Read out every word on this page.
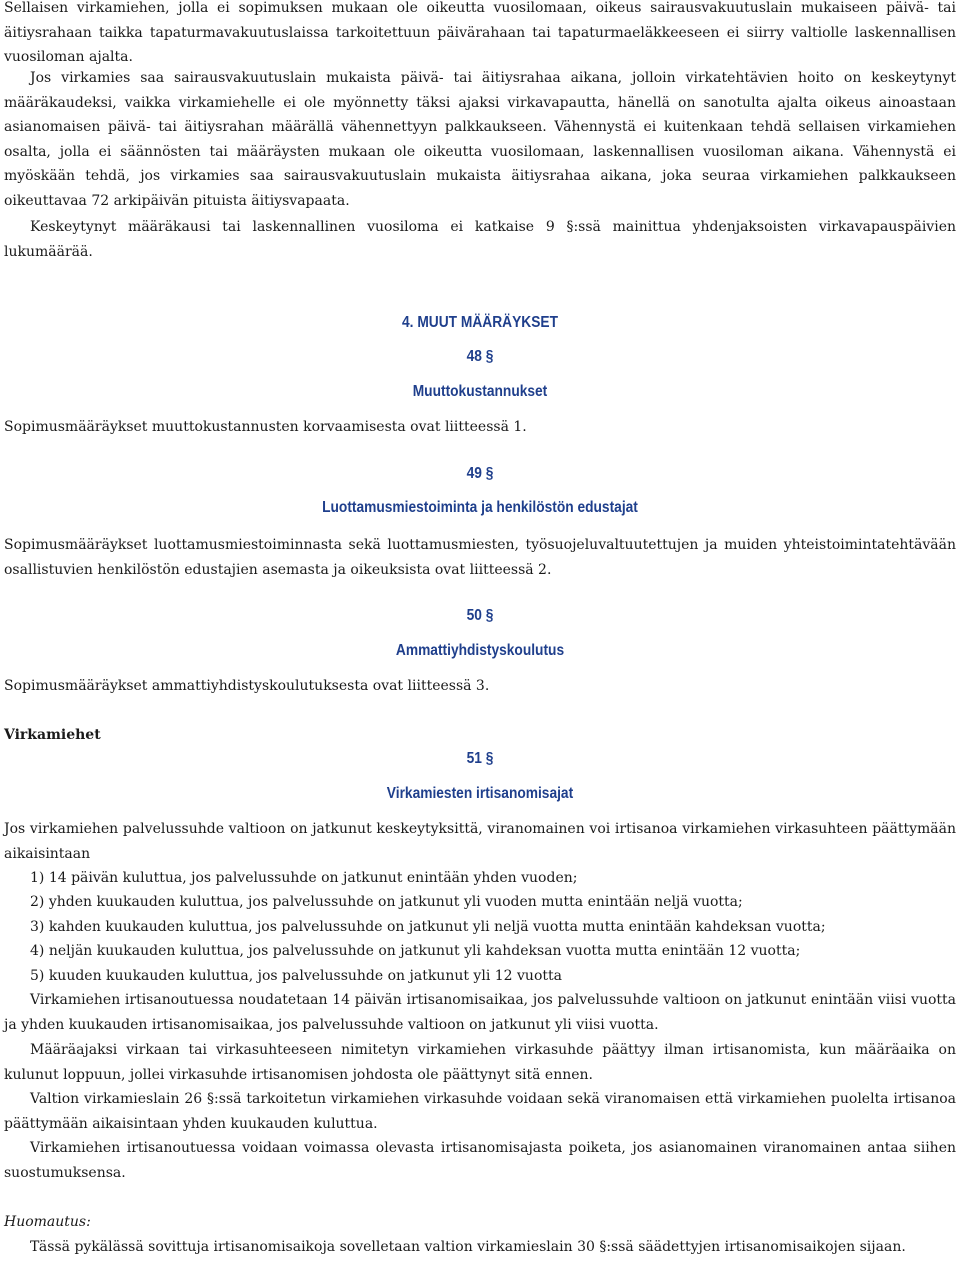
Sellaisen virkamiehen, jolla ei sopimuksen mukaan ole oikeutta vuosilomaan, oikeus sairausvakuutuslain mukaiseen päivä- tai äitiysrahaan taikka tapaturmavakuutuslaissa tarkoitettuun päivärahaan tai tapaturmaeläkkeeseen ei siirry valtiolle laskennallisen vuosiloman ajalta.

Jos virkamies saa sairausvakuutuslain mukaista päivä- tai äitiysrahaa aikana, jolloin virkatehtävien hoito on keskeytynyt määräkaudeksi, vaikka virkamiehelle ei ole myönnetty täksi ajaksi virkavapautta, hänellä on sanotulta ajalta oikeus ainoastaan asianomaisen päivä- tai äitiysrahan määrällä vähennettyyn palkkaukseen. Vähennystä ei kuitenkaan tehdä sellaisen virkamiehen osalta, jolla ei säännösten tai määräysten mukaan ole oikeutta vuosilomaan, laskennallisen vuosiloman aikana. Vähennystä ei myöskään tehdä, jos virkamies saa sairausvakuutuslain mukaista äitiysrahaa aikana, joka seuraa virkamiehen palkkaukseen oikeuttavaa 72 arkipäivän pituista äitiysvapaata.

Keskeytynyt määräkausi tai laskennallinen vuosiloma ei katkaise 9 §:ssä mainittua yhdenjaksoisten virkavapauspäivien lukumäärää.

4. MUUT MÄÄRÄYKSET
48 §
Muuttokustannukset

Sopimusmääräykset muuttokustannusten korvaamisesta ovat liitteessä 1.

49 §
Luottamusmiestoiminta ja henkilöstön edustajat

Sopimusmääräykset luottamusmiestoiminnasta sekä luottamusmiesten, työsuojeluvaltuutettujen ja muiden yhteistoimintatehtävään osallistuvien henkilöstön edustajien asemasta ja oikeuksista ovat liitteessä 2.

50 §
Ammattiyhdistyskoulutus

Sopimusmääräykset ammattiyhdistyskoulutuksesta ovat liitteessä 3.

Virkamiehet

51 §
Virkamiesten irtisanomisajat

Jos virkamiehen palvelussuhde valtioon on jatkunut keskeytyksittä, viranomainen voi irtisanoa virkamiehen virkasuhteen päättymään aikaisintaan

1) 14 päivän kuluttua, jos palvelussuhde on jatkunut enintään yhden vuoden;

2) yhden kuukauden kuluttua, jos palvelussuhde on jatkunut yli vuoden mutta enintään neljä vuotta;

3) kahden kuukauden kuluttua, jos palvelussuhde on jatkunut yli neljä vuotta mutta enintään kahdeksan vuotta;

4) neljän kuukauden kuluttua, jos palvelussuhde on jatkunut yli kahdeksan vuotta mutta enintään 12 vuotta;

5) kuuden kuukauden kuluttua, jos palvelussuhde on jatkunut yli 12 vuotta

Virkamiehen irtisanoutuessa noudatetaan 14 päivän irtisanomisaikaa, jos palvelussuhde valtioon on jatkunut enintään viisi vuotta ja yhden kuukauden irtisanomisaikaa, jos palvelussuhde valtioon on jatkunut yli viisi vuotta.

Määräajaksi virkaan tai virkasuhteeseen nimitetyn virkamiehen virkasuhde päättyy ilman irtisanomista, kun määräaika on kulunut loppuun, jollei virkasuhde irtisanomisen johdosta ole päättynyt sitä ennen.

Valtion virkamieslain 26 §:ssä tarkoitetun virkamiehen virkasuhde voidaan sekä viranomaisen että virkamiehen puolelta irtisanoa päättymään aikaisintaan yhden kuukauden kuluttua.

Virkamiehen irtisanoutuessa voidaan voimassa olevasta irtisanomisajasta poiketa, jos asianomainen viranomainen antaa siihen suostumuksensa.

Huomautus:

Tässä pykälässä sovittuja irtisanomisaikoja sovelletaan valtion virkamieslain 30 §:ssä säädettyjen irtisanomisaikojen sijaan.
